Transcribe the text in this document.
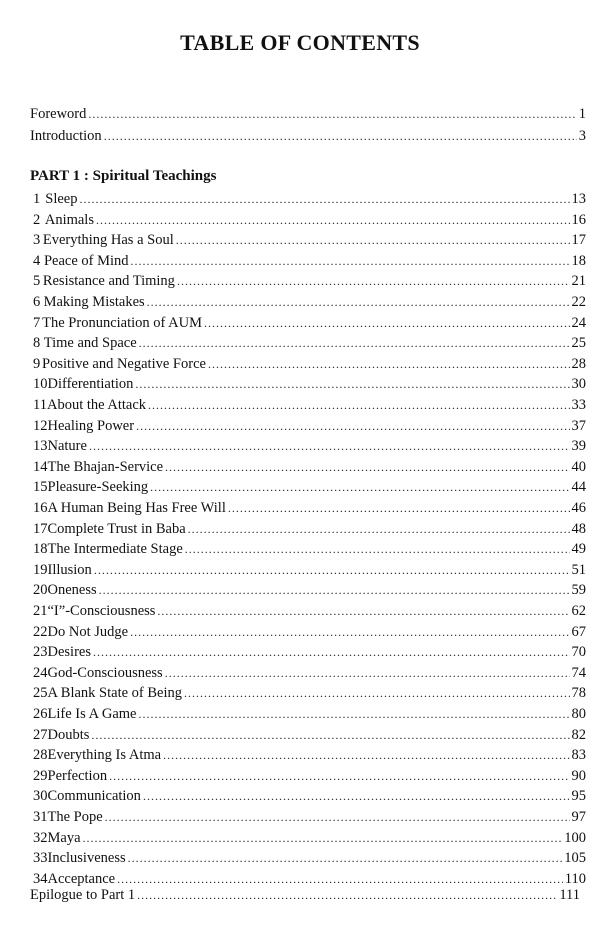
TABLE OF CONTENTS
Foreword .....	1
Introduction .....	3
PART 1 : Spiritual Teachings
1 Sleep .....	13
2 Animals .....	16
3 Everything Has a Soul .....	17
4 Peace of Mind .....	18
5 Resistance and Timing .....	21
6 Making Mistakes .....	22
7 The Pronunciation of AUM .....	24
8 Time and Space .....	25
9 Positive and Negative Force .....	28
10 Differentiation .....	30
11 About the Attack .....	33
12 Healing Power .....	37
13 Nature .....	39
14 The Bhajan-Service .....	40
15 Pleasure-Seeking .....	44
16 A Human Being Has Free Will .....	46
17 Complete Trust in Baba .....	48
18 The Intermediate Stage .....	49
19 Illusion .....	51
20 Oneness .....	59
21 “I”-Consciousness .....	62
22 Do Not Judge .....	67
23 Desires .....	70
24 God-Consciousness .....	74
25 A Blank State of Being .....	78
26 Life Is A Game .....	80
27 Doubts .....	82
28 Everything Is Atma .....	83
29 Perfection .....	90
30 Communication .....	95
31 The Pope .....	97
32 Maya .....	100
33 Inclusiveness .....	105
34 Acceptance .....	110
Epilogue to Part 1 .....	111
